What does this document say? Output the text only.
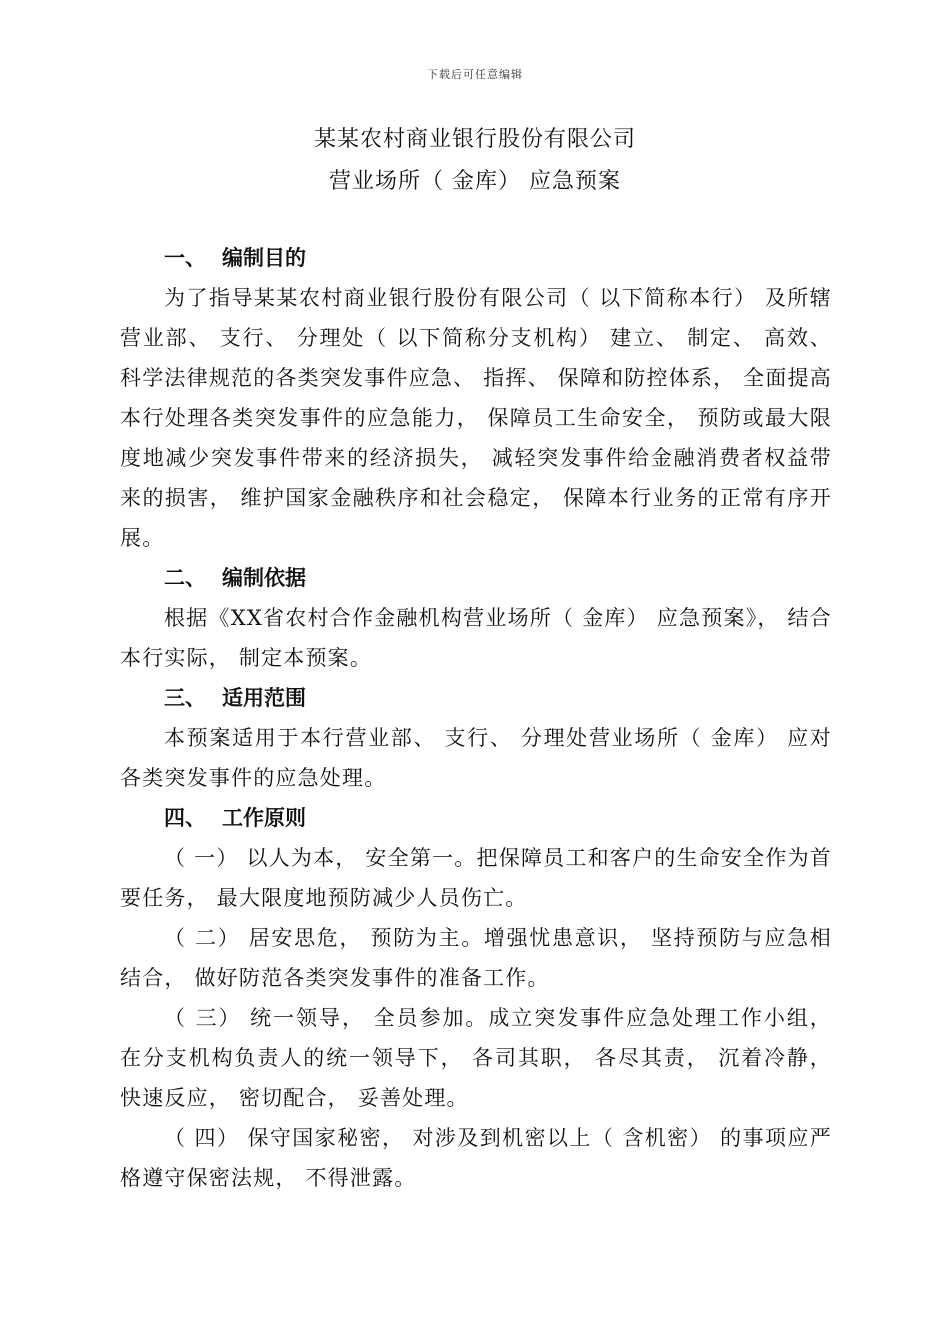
下载后可任意编辑
某某农村商业银行股份有限公司
营业场所（ 金库） 应急预案
一、 编制目的

为了指导某某农村商业银行股份有限公司（ 以下简称本行） 及所辖营业部、 支行、 分理处（ 以下简称分支机构） 建立、 制定、 高效、 科学法律规范的各类突发事件应急、 指挥、 保障和防控体系， 全面提高本行处理各类突发事件的应急能力， 保障员工生命安全， 预防或最大限度地减少突发事件带来的经济损失， 减轻突发事件给金融消费者权益带来的损害， 维护国家金融秩序和社会稳定， 保障本行业务的正常有序开展。

二、 编制依据

根据《XX省农村合作金融机构营业场所（ 金库） 应急预案》， 结合本行实际， 制定本预案。

三、 适用范围

本预案适用于本行营业部、 支行、 分理处营业场所（ 金库） 应对各类突发事件的应急处理。

四、 工作原则

（ 一） 以人为本， 安全第一。把保障员工和客户的生命安全作为首要任务， 最大限度地预防减少人员伤亡。

（ 二） 居安思危， 预防为主。增强忧患意识， 坚持预防与应急相结合， 做好防范各类突发事件的准备工作。

（ 三） 统一领导， 全员参加。成立突发事件应急处理工作小组， 在分支机构负责人的统一领导下， 各司其职， 各尽其责， 沉着冷静， 快速反应， 密切配合， 妥善处理。

（ 四） 保守国家秘密， 对涉及到机密以上（ 含机密） 的事项应严格遵守保密法规， 不得泄露。
